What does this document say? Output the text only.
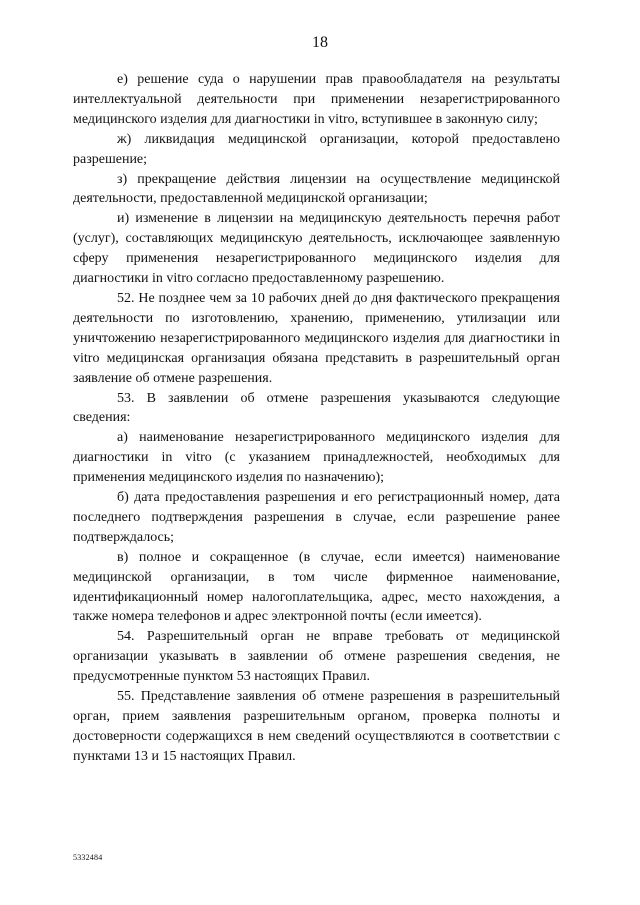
18

е) решение суда о нарушении прав правообладателя на результаты интеллектуальной деятельности при применении незарегистрированного медицинского изделия для диагностики in vitro, вступившее в законную силу;

ж) ликвидация медицинской организации, которой предоставлено разрешение;

з) прекращение действия лицензии на осуществление медицинской деятельности, предоставленной медицинской организации;

и) изменение в лицензии на медицинскую деятельность перечня работ (услуг), составляющих медицинскую деятельность, исключающее заявленную сферу применения незарегистрированного медицинского изделия для диагностики in vitro согласно предоставленному разрешению.

52. Не позднее чем за 10 рабочих дней до дня фактического прекращения деятельности по изготовлению, хранению, применению, утилизации или уничтожению незарегистрированного медицинского изделия для диагностики in vitro медицинская организация обязана представить в разрешительный орган заявление об отмене разрешения.

53. В заявлении об отмене разрешения указываются следующие сведения:

а) наименование незарегистрированного медицинского изделия для диагностики in vitro (с указанием принадлежностей, необходимых для применения медицинского изделия по назначению);

б) дата предоставления разрешения и его регистрационный номер, дата последнего подтверждения разрешения в случае, если разрешение ранее подтверждалось;

в) полное и сокращенное (в случае, если имеется) наименование медицинской организации, в том числе фирменное наименование, идентификационный номер налогоплательщика, адрес, место нахождения, а также номера телефонов и адрес электронной почты (если имеется).

54. Разрешительный орган не вправе требовать от медицинской организации указывать в заявлении об отмене разрешения сведения, не предусмотренные пунктом 53 настоящих Правил.

55. Представление заявления об отмене разрешения в разрешительный орган, прием заявления разрешительным органом, проверка полноты и достоверности содержащихся в нем сведений осуществляются в соответствии с пунктами 13 и 15 настоящих Правил.

5332484
